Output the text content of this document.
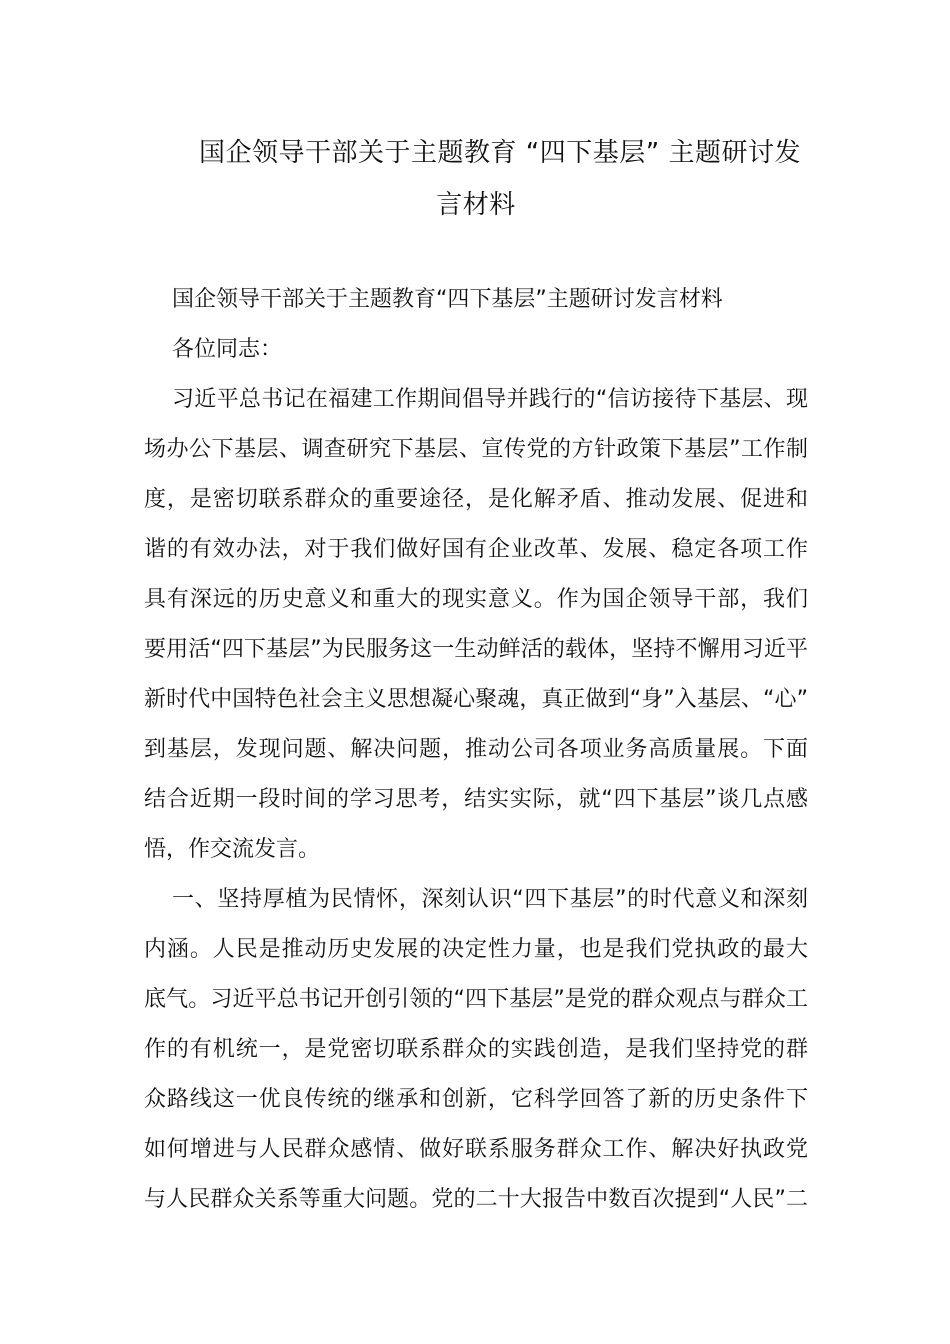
国企领导干部关于主题教育 “四下基层” 主题研讨发
言材料
国企领导干部关于主题教育“四下基层”主题研讨发言材料
各位同志：
习近平总书记在福建工作期间倡导并践行的“信访接待下基层、现
场办公下基层、调查研究下基层、宣传党的方针政策下基层”工作制
度，是密切联系群众的重要途径，是化解矛盾、推动发展、促进和
谐的有效办法，对于我们做好国有企业改革、发展、稳定各项工作
具有深远的历史意义和重大的现实意义。作为国企领导干部，我们
要用活“四下基层”为民服务这一生动鲜活的载体，坚持不懈用习近平
新时代中国特色社会主义思想凝心聚魂，真正做到“身”入基层、“心”
到基层，发现问题、解决问题，推动公司各项业务高质量展。下面
结合近期一段时间的学习思考，结实实际，就“四下基层”谈几点感
悟，作交流发言。
一、坚持厚植为民情怀，深刻认识“四下基层”的时代意义和深刻
内涵。人民是推动历史发展的决定性力量，也是我们党执政的最大
底气。习近平总书记开创引领的“四下基层”是党的群众观点与群众工
作的有机统一，是党密切联系群众的实践创造，是我们坚持党的群
众路线这一优良传统的继承和创新，它科学回答了新的历史条件下
如何增进与人民群众感情、做好联系服务群众工作、解决好执政党
与人民群众关系等重大问题。党的二十大报告中数百次提到“人民”二
